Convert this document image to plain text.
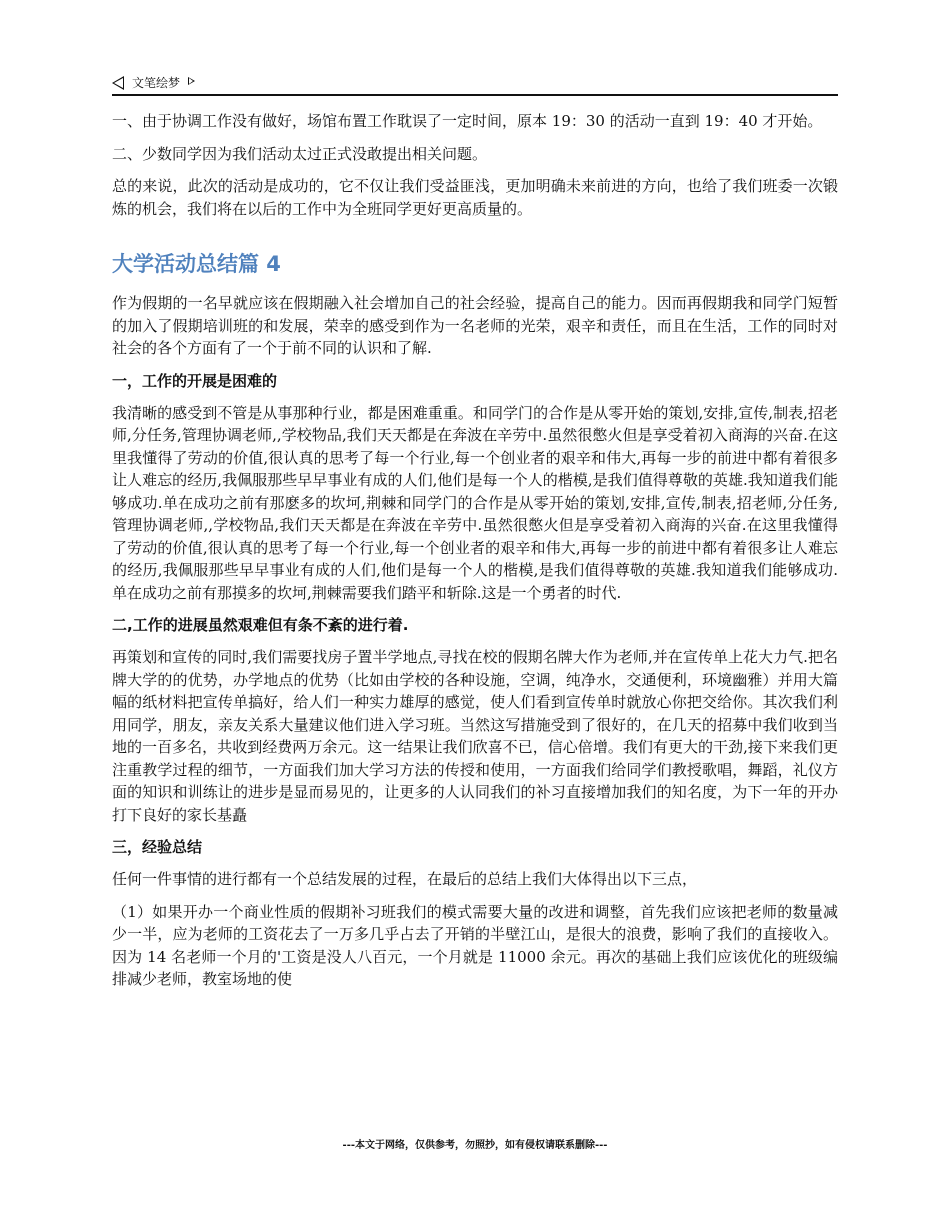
文笔绘梦

一、由于协调工作没有做好，场馆布置工作耽误了一定时间，原本 19：30 的活动一直到 19：40 才开始。

二、少数同学因为我们活动太过正式没敢提出相关问题。

总的来说，此次的活动是成功的，它不仅让我们受益匪浅，更加明确未来前进的方向，也给了我们班委一次锻炼的机会，我们将在以后的工作中为全班同学更好更高质量的。

大学活动总结篇 4

作为假期的一名早就应该在假期融入社会增加自己的社会经验，提高自己的能力。因而再假期我和同学门短暂的加入了假期培训班的和发展，荣幸的感受到作为一名老师的光荣，艰辛和责任，而且在生活，工作的同时对社会的各个方面有了一个于前不同的认识和了解.

一，工作的开展是困难的

我清晰的感受到不管是从事那种行业，都是困难重重。和同学门的合作是从零开始的策划,安排,宣传,制表,招老师,分任务,管理协调老师,,学校物品,我们天天都是在奔波在辛劳中.虽然很憋火但是享受着初入商海的兴奋.在这里我懂得了劳动的价值,很认真的思考了每一个行业,每一个创业者的艰辛和伟大,再每一步的前进中都有着很多让人难忘的经历,我佩服那些早早事业有成的人们,他们是每一个人的楷模,是我们值得尊敬的英雄.我知道我们能够成功.单在成功之前有那麽多的坎坷,荆棘和同学门的合作是从零开始的策划,安排,宣传,制表,招老师,分任务,管理协调老师,,学校物品,我们天天都是在奔波在辛劳中.虽然很憋火但是享受着初入商海的兴奋.在这里我懂得了劳动的价值,很认真的思考了每一个行业,每一个创业者的艰辛和伟大,再每一步的前进中都有着很多让人难忘的经历,我佩服那些早早事业有成的人们,他们是每一个人的楷模,是我们值得尊敬的英雄.我知道我们能够成功.单在成功之前有那摸多的坎坷,荆棘需要我们踏平和斩除.这是一个勇者的时代.

二,工作的进展虽然艰难但有条不紊的进行着.

再策划和宣传的同时,我们需要找房子置半学地点,寻找在校的假期名牌大作为老师,并在宣传单上花大力气.把名牌大学的的优势，办学地点的优势（比如由学校的各种设施，空调，纯净水，交通便利，环境幽雅）并用大篇幅的纸材料把宣传单搞好，给人们一种实力雄厚的感觉，使人们看到宣传单时就放心你把交给你。其次我们利用同学，朋友，亲友关系大量建议他们进入学习班。当然这写措施受到了很好的，在几天的招募中我们收到当地的一百多名，共收到经费两万余元。这一结果让我们欣喜不已，信心倍增。我们有更大的干劲,接下来我们更注重教学过程的细节，一方面我们加大学习方法的传授和使用，一方面我们给同学们教授歌唱，舞蹈，礼仪方面的知识和训练让的进步是显而易见的，让更多的人认同我们的补习直接增加我们的知名度，为下一年的开办打下良好的家长基矗

三，经验总结

任何一件事情的进行都有一个总结发展的过程，在最后的总结上我们大体得出以下三点，

（1）如果开办一个商业性质的假期补习班我们的模式需要大量的改进和调整，首先我们应该把老师的数量减少一半，应为老师的工资花去了一万多几乎占去了开销的半壁江山，是很大的浪费，影响了我们的直接收入。因为 14 名老师一个月的'工资是没人八百元，一个月就是 11000 余元。再次的基础上我们应该优化的班级编排减少老师，教室场地的使

---本文于网络，仅供参考，勿照抄，如有侵权请联系删除---
